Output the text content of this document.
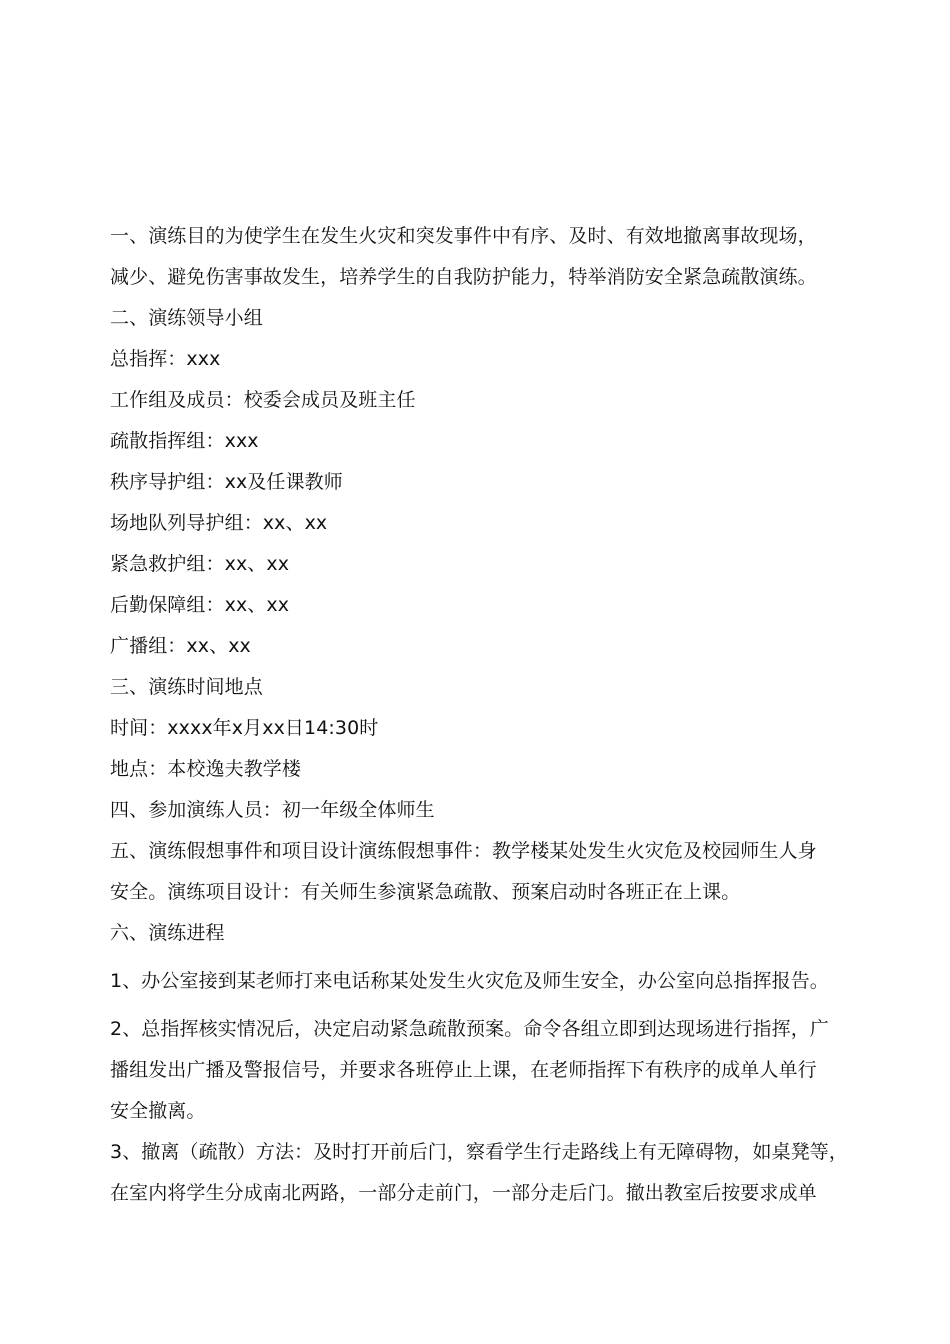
一、演练目的为使学生在发生火灾和突发事件中有序、及时、有效地撤离事故现场，
减少、避免伤害事故发生，培养学生的自我防护能力，特举消防安全紧急疏散演练。
二、演练领导小组
总指挥：xxx
工作组及成员：校委会成员及班主任
疏散指挥组：xxx
秩序导护组：xx及任课教师
场地队列导护组：xx、xx
紧急救护组：xx、xx
后勤保障组：xx、xx
广播组：xx、xx
三、演练时间地点
时间：xxxx年x月xx日14:30时
地点：本校逸夫教学楼
四、参加演练人员：初一年级全体师生
五、演练假想事件和项目设计演练假想事件：教学楼某处发生火灾危及校园师生人身
安全。演练项目设计：有关师生参演紧急疏散、预案启动时各班正在上课。
六、演练进程
1、办公室接到某老师打来电话称某处发生火灾危及师生安全，办公室向总指挥报告。
2、总指挥核实情况后，决定启动紧急疏散预案。命令各组立即到达现场进行指挥，广
播组发出广播及警报信号，并要求各班停止上课，在老师指挥下有秩序的成单人单行
安全撤离。
3、撤离（疏散）方法：及时打开前后门，察看学生行走路线上有无障碍物，如桌凳等，
在室内将学生分成南北两路，一部分走前门，一部分走后门。撤出教室后按要求成单
